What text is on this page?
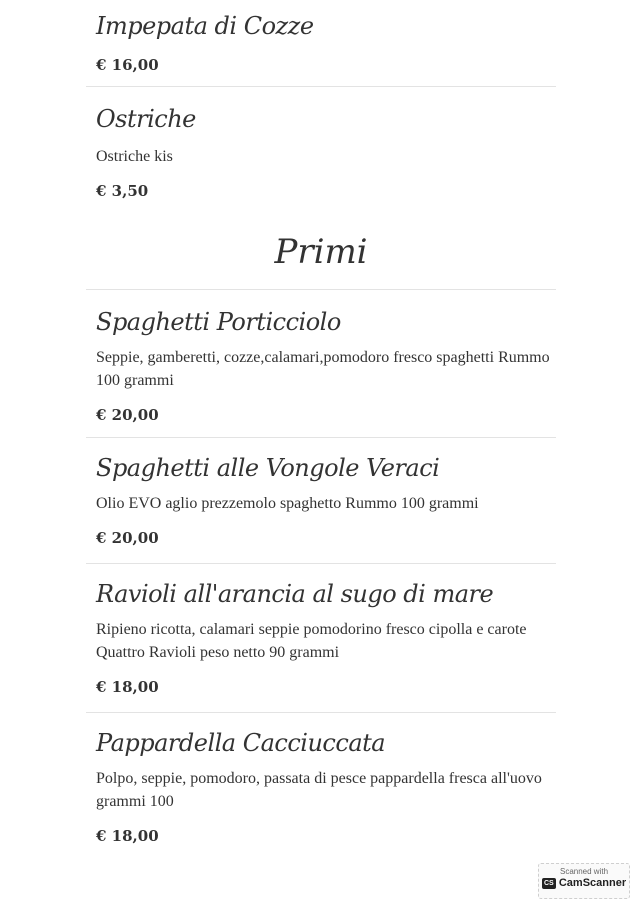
Impepata di Cozze
€ 16,00
Ostriche
Ostriche kis
€ 3,50
Primi
Spaghetti Porticciolo
Seppie, gamberetti, cozze,calamari,pomodoro fresco spaghetti Rummo 100 grammi
€ 20,00
Spaghetti alle Vongole Veraci
Olio EVO aglio prezzemolo spaghetto Rummo 100 grammi
€ 20,00
Ravioli all'arancia al sugo di mare
Ripieno ricotta, calamari seppie pomodorino fresco cipolla e carote Quattro Ravioli peso netto 90 grammi
€ 18,00
Pappardella Cacciuccata
Polpo, seppie, pomodoro, passata di pesce pappardella fresca all'uovo grammi 100
€ 18,00
Scanned with
CS CamScanner
